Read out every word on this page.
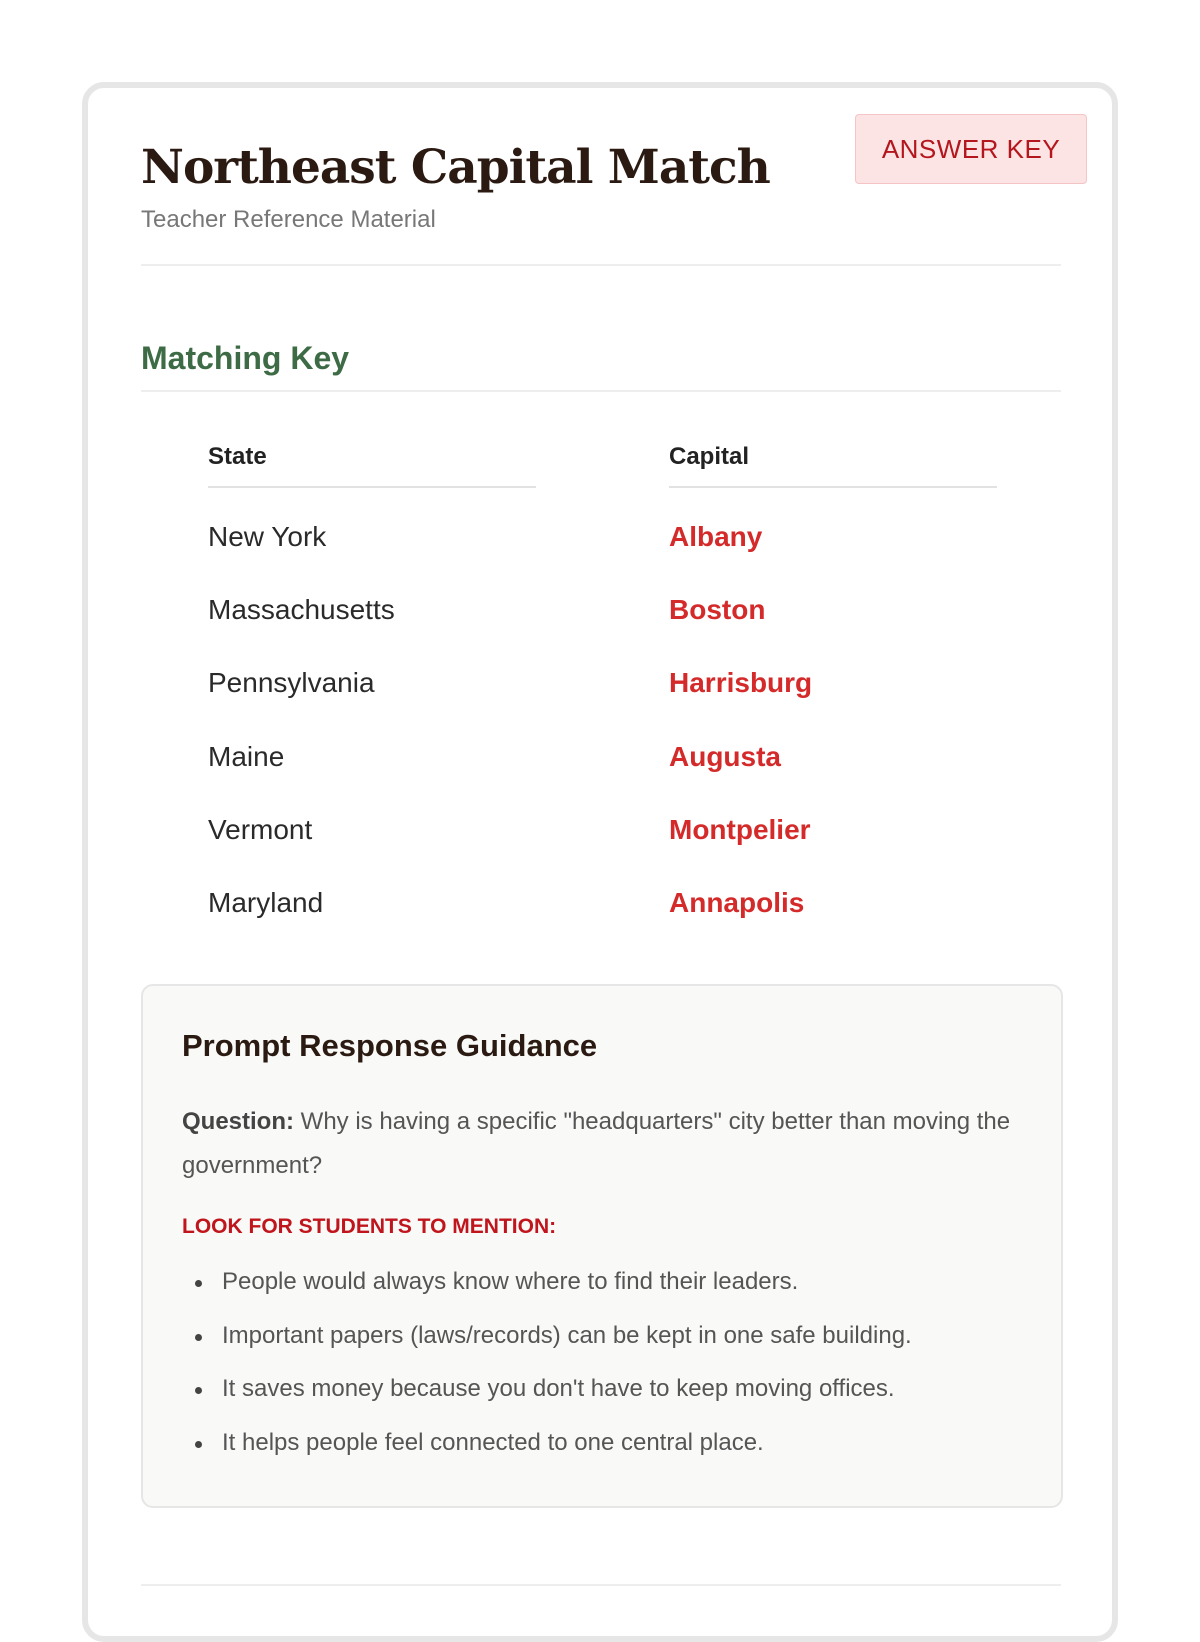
ANSWER KEY
Northeast Capital Match
Teacher Reference Material
Matching Key
State	Capital
New York	Albany
Massachusetts	Boston
Pennsylvania	Harrisburg
Maine	Augusta
Vermont	Montpelier
Maryland	Annapolis
Prompt Response Guidance

Question: Why is having a specific "headquarters" city better than moving the government?

LOOK FOR STUDENTS TO MENTION:
People would always know where to find their leaders.
Important papers (laws/records) can be kept in one safe building.
It saves money because you don't have to keep moving offices.
It helps people feel connected to one central place.
